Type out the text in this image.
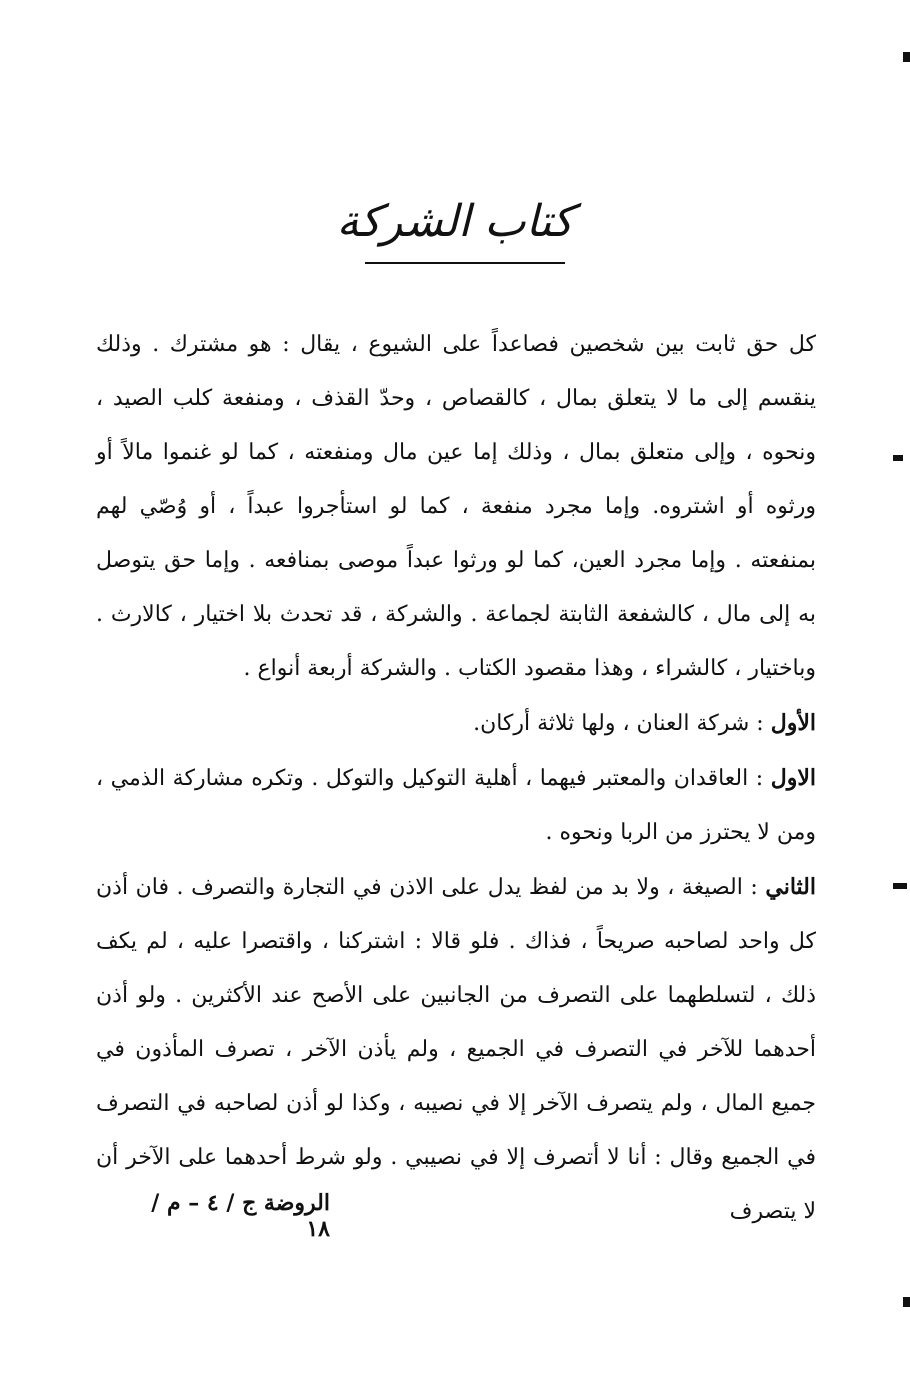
كتاب الشركة

كل حق ثابت بين شخصين فصاعداً على الشيوع ، يقال : هو مشترك . وذلك ينقسم إلى ما لا يتعلق بمال ، كالقصاص ، وحدّ القذف ، ومنفعة كلب الصيد ، ونحوه ، وإلى متعلق بمال ، وذلك إما عين مال ومنفعته ، كما لو غنموا مالاً أو ورثوه أو اشتروه. وإما مجرد منفعة ، كما لو استأجروا عبداً ، أو وُصّي لهم بمنفعته . وإما مجرد العين، كما لو ورثوا عبداً موصى بمنافعه . وإما حق يتوصل به إلى مال ، كالشفعة الثابتة لجماعة . والشركة ، قد تحدث بلا اختيار ، كالارث . وباختيار ، كالشراء ، وهذا مقصود الكتاب . والشركة أربعة أنواع .

الأول : شركة العنان ، ولها ثلاثة أركان.

الاول : العاقدان والمعتبر فيهما ، أهلية التوكيل والتوكل . وتكره مشاركة الذمي ، ومن لا يحترز من الربا ونحوه .

الثاني : الصيغة ، ولا بد من لفظ يدل على الاذن في التجارة والتصرف . فان أذن كل واحد لصاحبه صريحاً ، فذاك . فلو قالا : اشتركنا ، واقتصرا عليه ، لم يكف ذلك ، لتسلطهما على التصرف من الجانبين على الأصح عند الأكثرين . ولو أذن أحدهما للآخر في التصرف في الجميع ، ولم يأذن الآخر ، تصرف المأذون في جميع المال ، ولم يتصرف الآخر إلا في نصيبه ، وكذا لو أذن لصاحبه في التصرف في الجميع وقال : أنا لا أتصرف إلا في نصيبي . ولو شرط أحدهما على الآخر أن لا يتصرف

الروضة ج / ٤ – م /١٨
